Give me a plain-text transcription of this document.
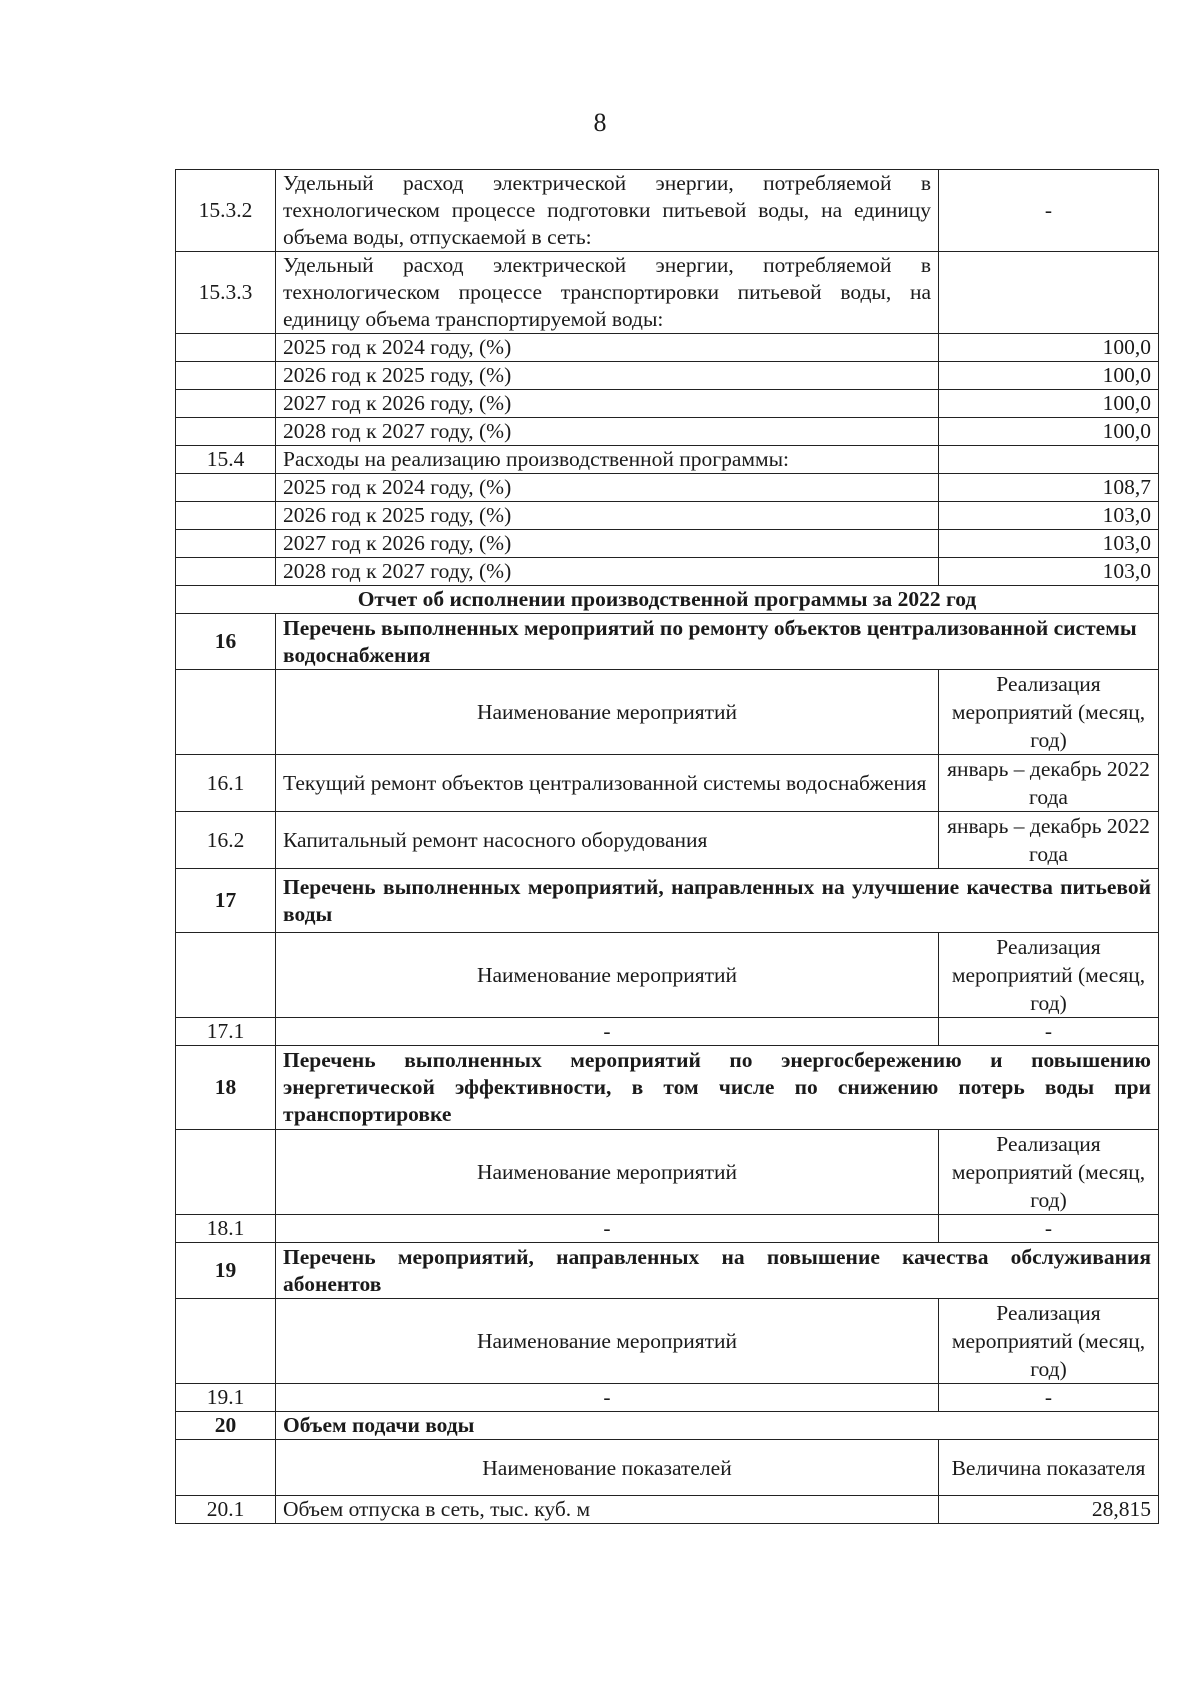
8
15.3.2	Удельный расход электрической энергии, потребляемой в технологическом процессе подготовки питьевой воды, на единицу объема воды, отпускаемой в сеть:	-
15.3.3	Удельный расход электрической энергии, потребляемой в технологическом процессе транспортировки питьевой воды, на единицу объема транспортируемой воды:	
	2025 год к 2024 году, (%)	100,0
	2026 год к 2025 году, (%)	100,0
	2027 год к 2026 году, (%)	100,0
	2028 год к 2027 году, (%)	100,0
15.4	Расходы на реализацию производственной программы:	
	2025 год к 2024 году, (%)	108,7
	2026 год к 2025 году, (%)	103,0
	2027 год к 2026 году, (%)	103,0
	2028 год к 2027 году, (%)	103,0
Отчет об исполнении производственной программы за 2022 год		
16	Перечень выполненных мероприятий по ремонту объектов централизованной системы водоснабжения	
	Наименование мероприятий	Реализация мероприятий (месяц, год)
16.1	Текущий ремонт объектов централизованной системы водоснабжения	январь – декабрь 2022 года
16.2	Капитальный ремонт насосного оборудования	январь – декабрь 2022 года
17	Перечень выполненных мероприятий, направленных на улучшение качества питьевой воды	
	Наименование мероприятий	Реализация мероприятий (месяц, год)
17.1	-	-
18	Перечень выполненных мероприятий по энергосбережению и повышению энергетической эффективности, в том числе по снижению потерь воды при транспортировке	
	Наименование мероприятий	Реализация мероприятий (месяц, год)
18.1	-	-
19	Перечень мероприятий, направленных на повышение качества обслуживания абонентов	
	Наименование мероприятий	Реализация мероприятий (месяц, год)
19.1	-	-
20	Объем подачи воды	
	Наименование показателей	Величина показателя
20.1	Объем отпуска в сеть, тыс. куб. м	28,815
